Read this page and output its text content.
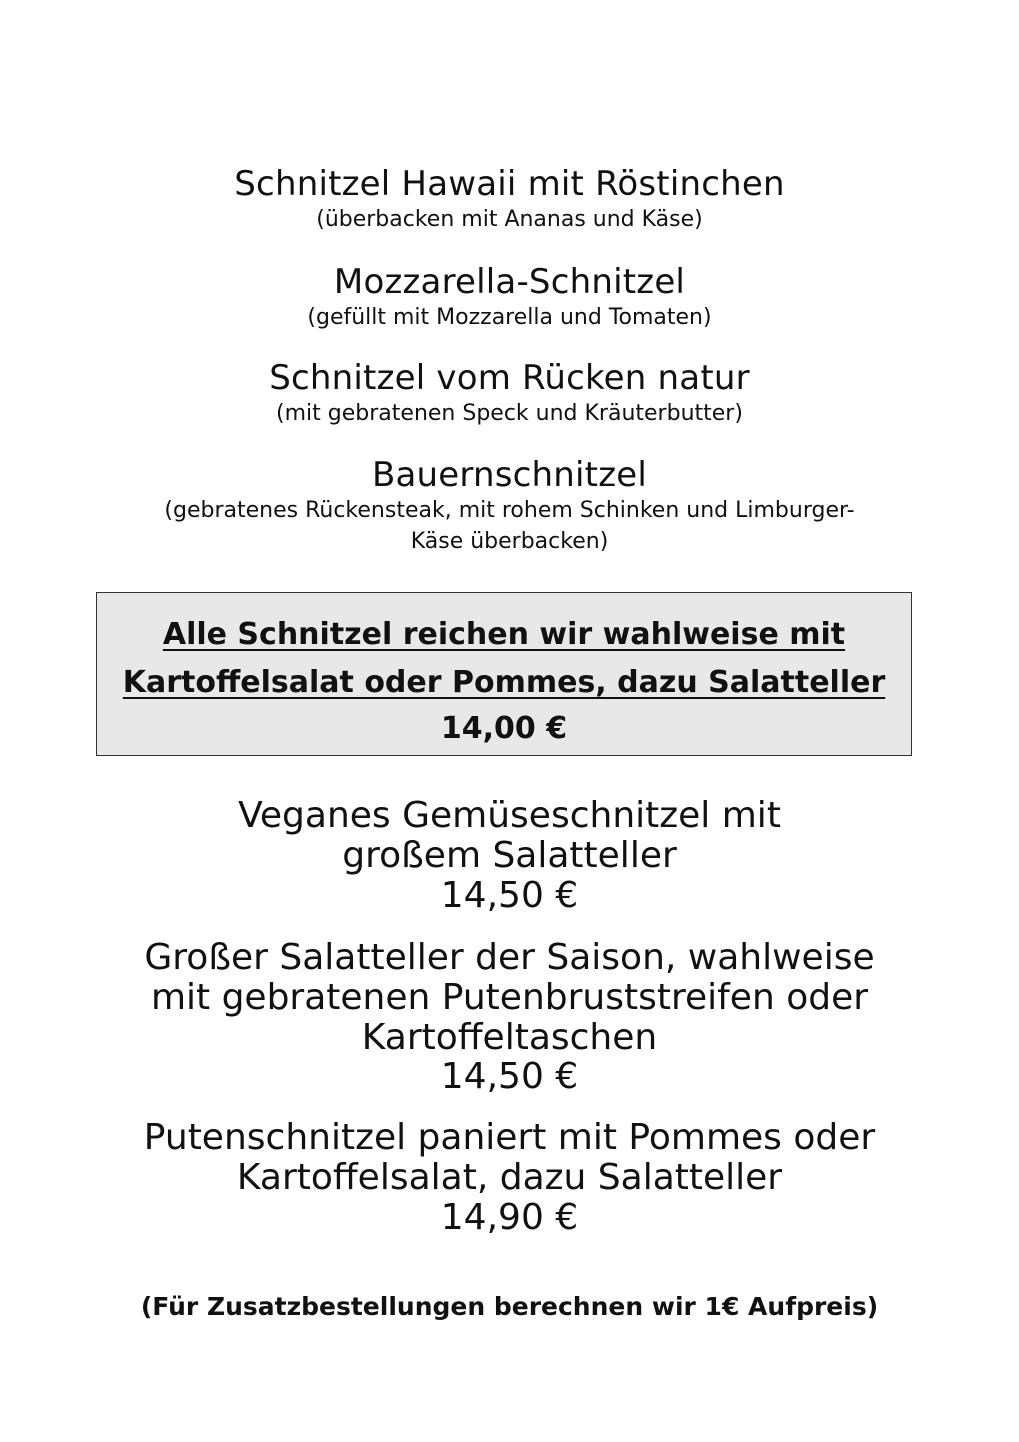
Schnitzel Hawaii mit Röstinchen
(überbacken mit Ananas und Käse)
Mozzarella-Schnitzel
(gefüllt mit Mozzarella und Tomaten)
Schnitzel vom Rücken natur
(mit gebratenen Speck und Kräuterbutter)
Bauernschnitzel
(gebratenes Rückensteak, mit rohem Schinken und Limburger-
Käse überbacken)
Alle Schnitzel reichen wir wahlweise mit
Kartoffelsalat oder Pommes, dazu Salatteller
14,00 €
Veganes Gemüseschnitzel mit
großem Salatteller
14,50 €
Großer Salatteller der Saison, wahlweise
mit gebratenen Putenbruststreifen oder
Kartoffeltaschen
14,50 €
Putenschnitzel paniert mit Pommes oder
Kartoffelsalat, dazu Salatteller
14,90 €
(Für Zusatzbestellungen berechnen wir 1€ Aufpreis)
